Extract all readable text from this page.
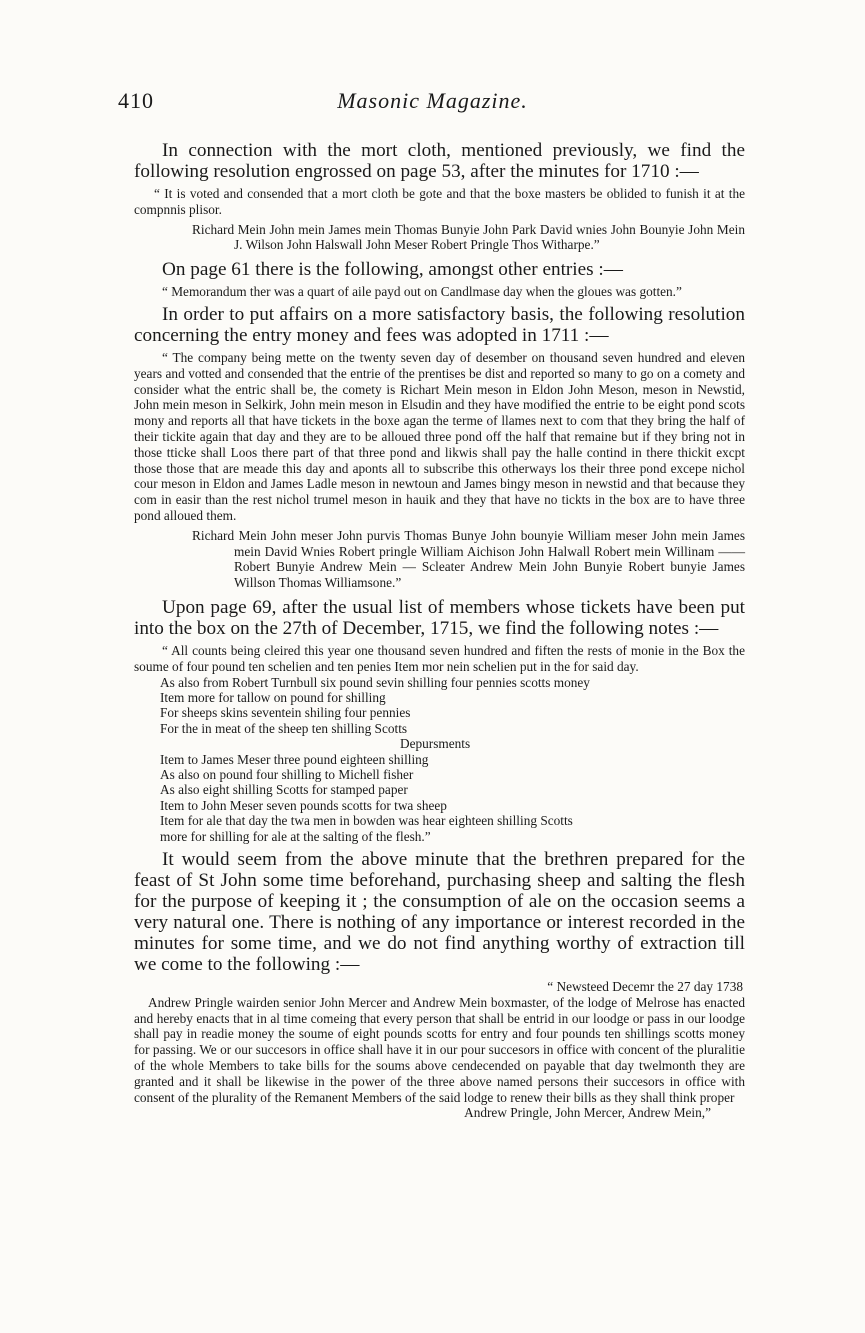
410	Masonic Magazine.

In connection with the mort cloth, mentioned previously, we find the following resolution engrossed on page 53, after the minutes for 1710 :—

“ It is voted and consended that a mort cloth be gote and that the boxe masters be oblided to funish it at the compnnis plisor.

Richard Mein John mein James mein Thomas Bunyie John Park David wnies John Bounyie John Mein J. Wilson John Halswall John Meser Robert Pringle Thos Witharpe.”

On page 61 there is the following, amongst other entries :—

“ Memorandum ther was a quart of aile payd out on Candlmase day when the gloues was gotten.”

In order to put affairs on a more satisfactory basis, the following resolution concerning the entry money and fees was adopted in 1711 :—

“ The company being mette on the twenty seven day of desember on thousand seven hundred and eleven years and votted and consended that the entrie of the prentises be dist and reported so many to go on a comety and consider what the entric shall be, the comety is Richart Mein meson in Eldon John Meson, meson in Newstid, John mein meson in Selkirk, John mein meson in Elsudin and they have modified the entrie to be eight pond scots mony and reports all that have tickets in the boxe agan the terme of llames next to com that they bring the half of their tickite again that day and they are to be alloued three pond off the half that remaine but if they bring not in those tticke shall Loos there part of that three pond and likwis shall pay the halle contind in there thickit excpt those those that are meade this day and aponts all to subscribe this otherways los their three pond excepe nichol cour meson in Eldon and James Ladle meson in newtoun and James bingy meson in newstid and that because they com in easir than the rest nichol trumel meson in hauik and they that have no tickts in the box are to have three pond alloued them.

Richard Mein John meser John purvis Thomas Bunye John bounyie William meser John mein James mein David Wnies Robert pringle William Aichison John Halwall Robert mein Willinam —— Robert Bunyie Andrew Mein — Scleater Andrew Mein John Bunyie Robert bunyie James Willson Thomas Williamsone.”

Upon page 69, after the usual list of members whose tickets have been put into the box on the 27th of December, 1715, we find the following notes :—

“ All counts being cleired this year one thousand seven hundred and fiften the rests of monie in the Box the soume of four pound ten schelien and ten penies Item mor nein schelien put in the for said day.

As also from Robert Turnbull six pound sevin shilling four pennies scotts money
Item more for tallow on pound for shilling
For sheeps skins seventein shiling four pennies
For the in meat of the sheep ten shilling Scotts
Depursments
Item to James Meser three pound eighteen shilling
As also on pound four shilling to Michell fisher
As also eight shilling Scotts for stamped paper
Item to John Meser seven pounds scotts for twa sheep
Item for ale that day the twa men in bowden was hear eighteen shilling Scotts
more for shilling for ale at the salting of the flesh.”

It would seem from the above minute that the brethren prepared for the feast of St John some time beforehand, purchasing sheep and salting the flesh for the purpose of keeping it ; the consumption of ale on the occasion seems a very natural one. There is nothing of any importance or interest recorded in the minutes for some time, and we do not find anything worthy of extraction till we come to the following :—

“ Newsteed Decemr the 27 day 1738

Andrew Pringle wairden senior John Mercer and Andrew Mein boxmaster, of the lodge of Melrose has enacted and hereby enacts that in al time comeing that every person that shall be entrid in our loodge or pass in our loodge shall pay in readie money the soume of eight pounds scotts for entry and four pounds ten shillings scotts money for passing. We or our succesors in office shall have it in our pour succesors in office with concent of the pluralitie of the whole Members to take bills for the soums above cendecended on payable that day twelmonth they are granted and it shall be likewise in the power of the three above named persons their succesors in office with consent of the plurality of the Remanent Members of the said lodge to renew their bills as they shall think proper

Andrew Pringle, John Mercer, Andrew Mein,”
